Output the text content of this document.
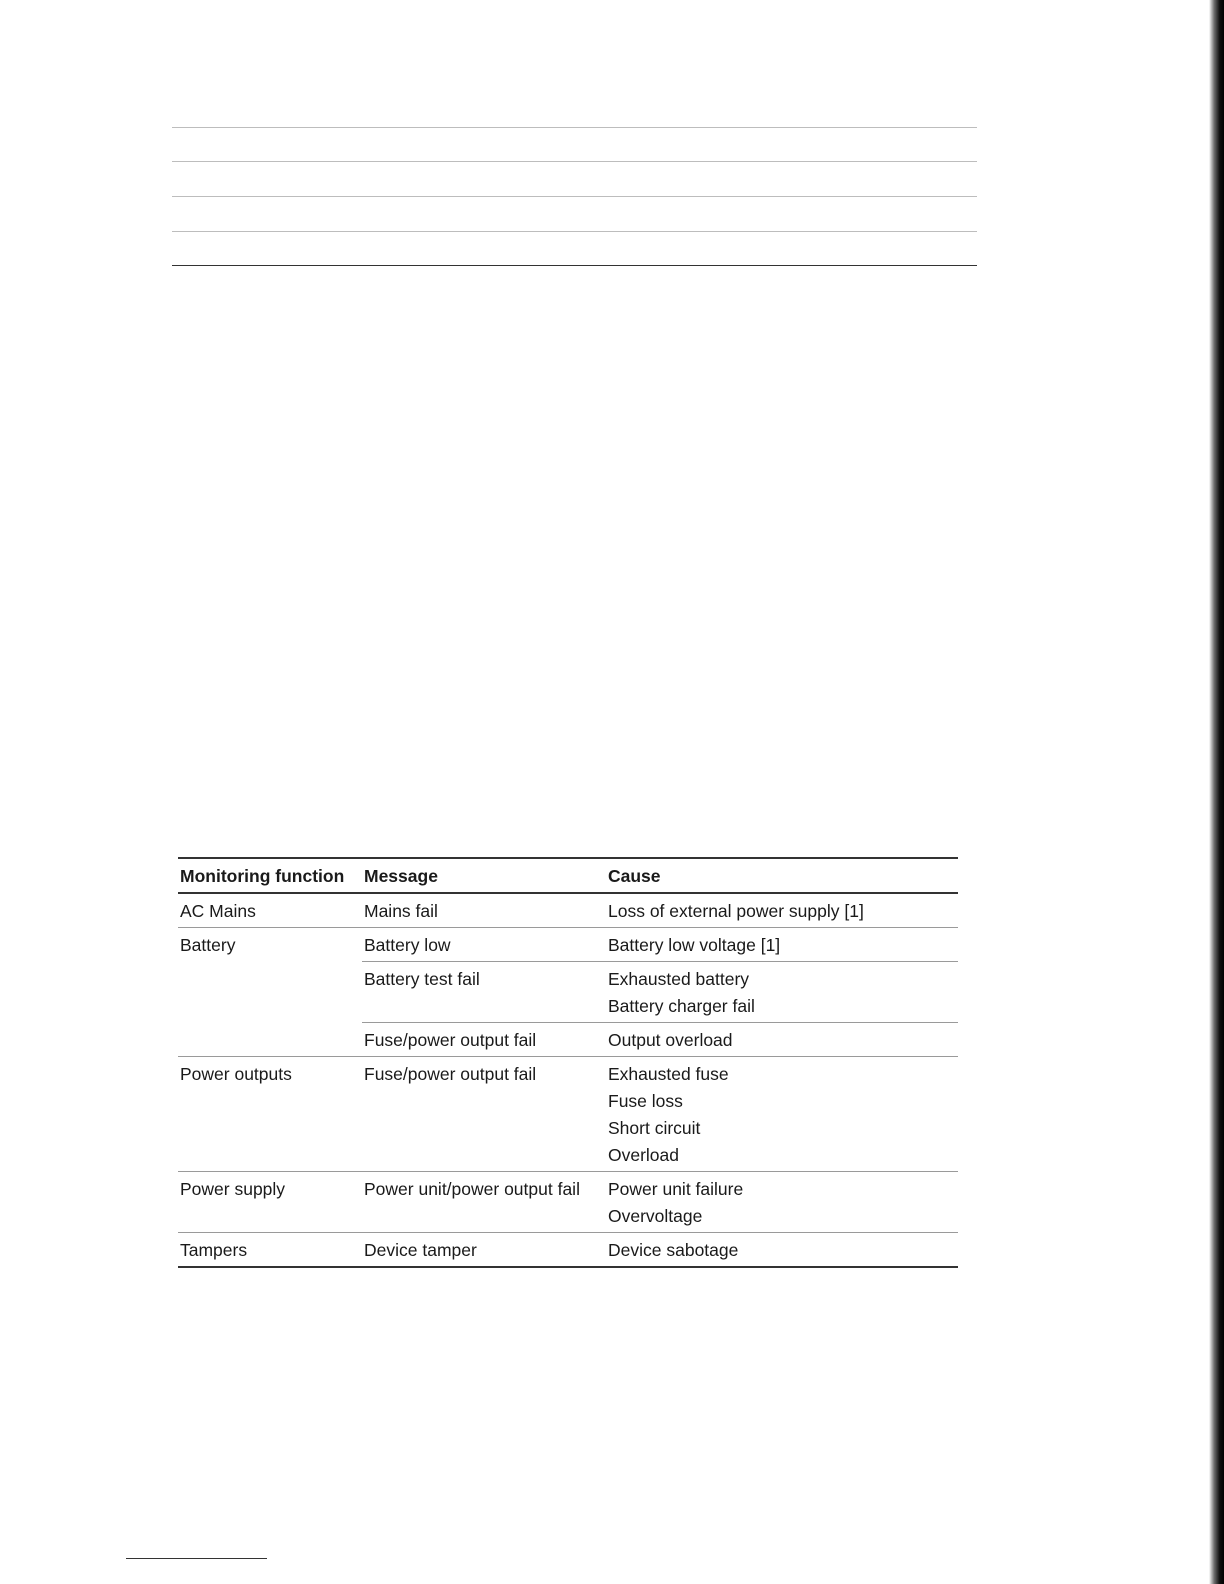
Monitoring function	Message	Cause
AC Mains	Mains fail	Loss of external power supply [1]

Battery	Battery low	Battery low voltage [1]

	Battery test fail	Exhausted battery
Battery charger fail

	Fuse/power output fail	Output overload

Power outputs	Fuse/power output fail	Exhausted fuse
Fuse loss
Short circuit
Overload

Power supply	Power unit/power output fail	Power unit failure
Overvoltage

Tampers	Device tamper	Device sabotage
